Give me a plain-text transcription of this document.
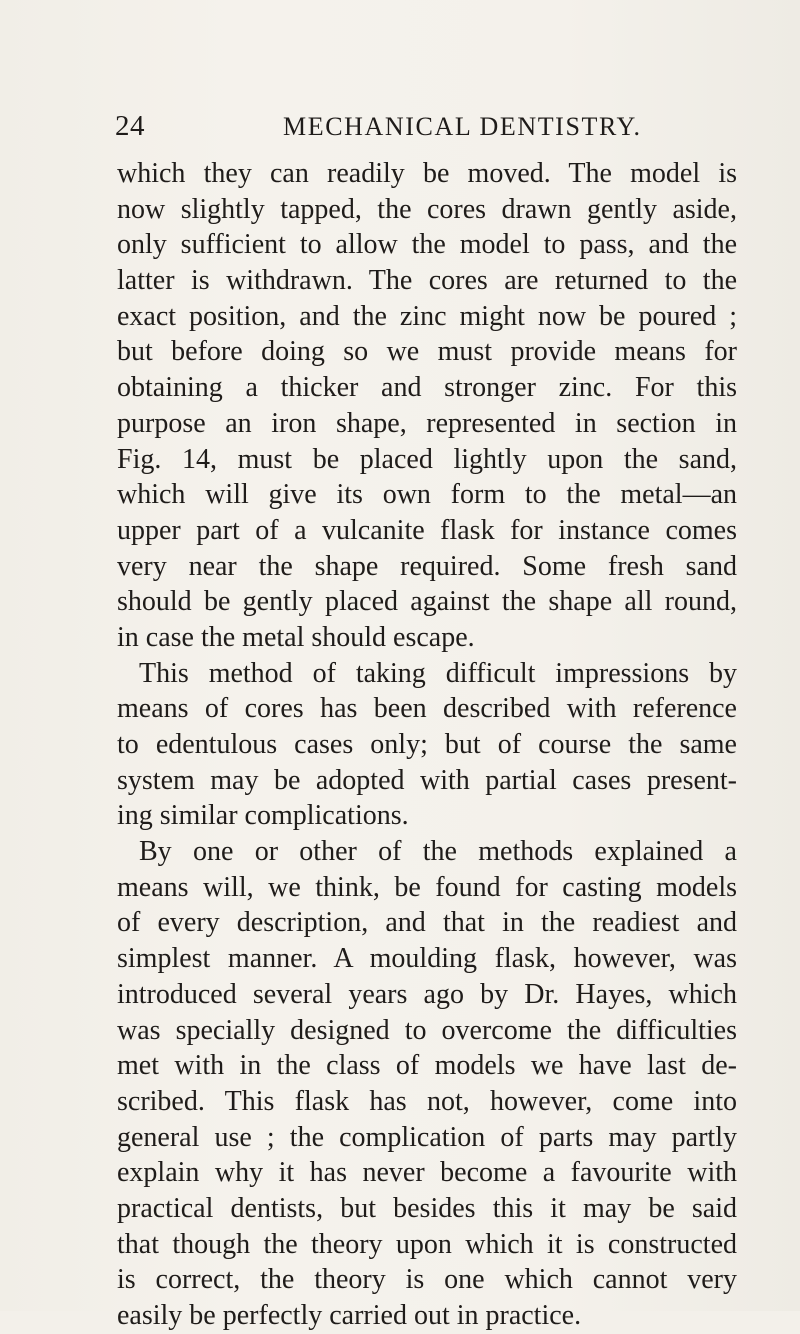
24	MECHANICAL DENTISTRY.
which they can readily be moved. The model is
now slightly tapped, the cores drawn gently aside,
only sufficient to allow the model to pass, and the
latter is withdrawn. The cores are returned to the
exact position, and the zinc might now be poured ;
but before doing so we must provide means for
obtaining a thicker and stronger zinc. For this
purpose an iron shape, represented in section in
Fig. 14, must be placed lightly upon the sand,
which will give its own form to the metal—an
upper part of a vulcanite flask for instance comes
very near the shape required. Some fresh sand
should be gently placed against the shape all round,
in case the metal should escape.
This method of taking difficult impressions by
means of cores has been described with reference
to edentulous cases only; but of course the same
system may be adopted with partial cases present-
ing similar complications.
By one or other of the methods explained a
means will, we think, be found for casting models
of every description, and that in the readiest and
simplest manner. A moulding flask, however, was
introduced several years ago by Dr. Hayes, which
was specially designed to overcome the difficulties
met with in the class of models we have last de-
scribed. This flask has not, however, come into
general use ; the complication of parts may partly
explain why it has never become a favourite with
practical dentists, but besides this it may be said
that though the theory upon which it is constructed
is correct, the theory is one which cannot very
easily be perfectly carried out in practice.
